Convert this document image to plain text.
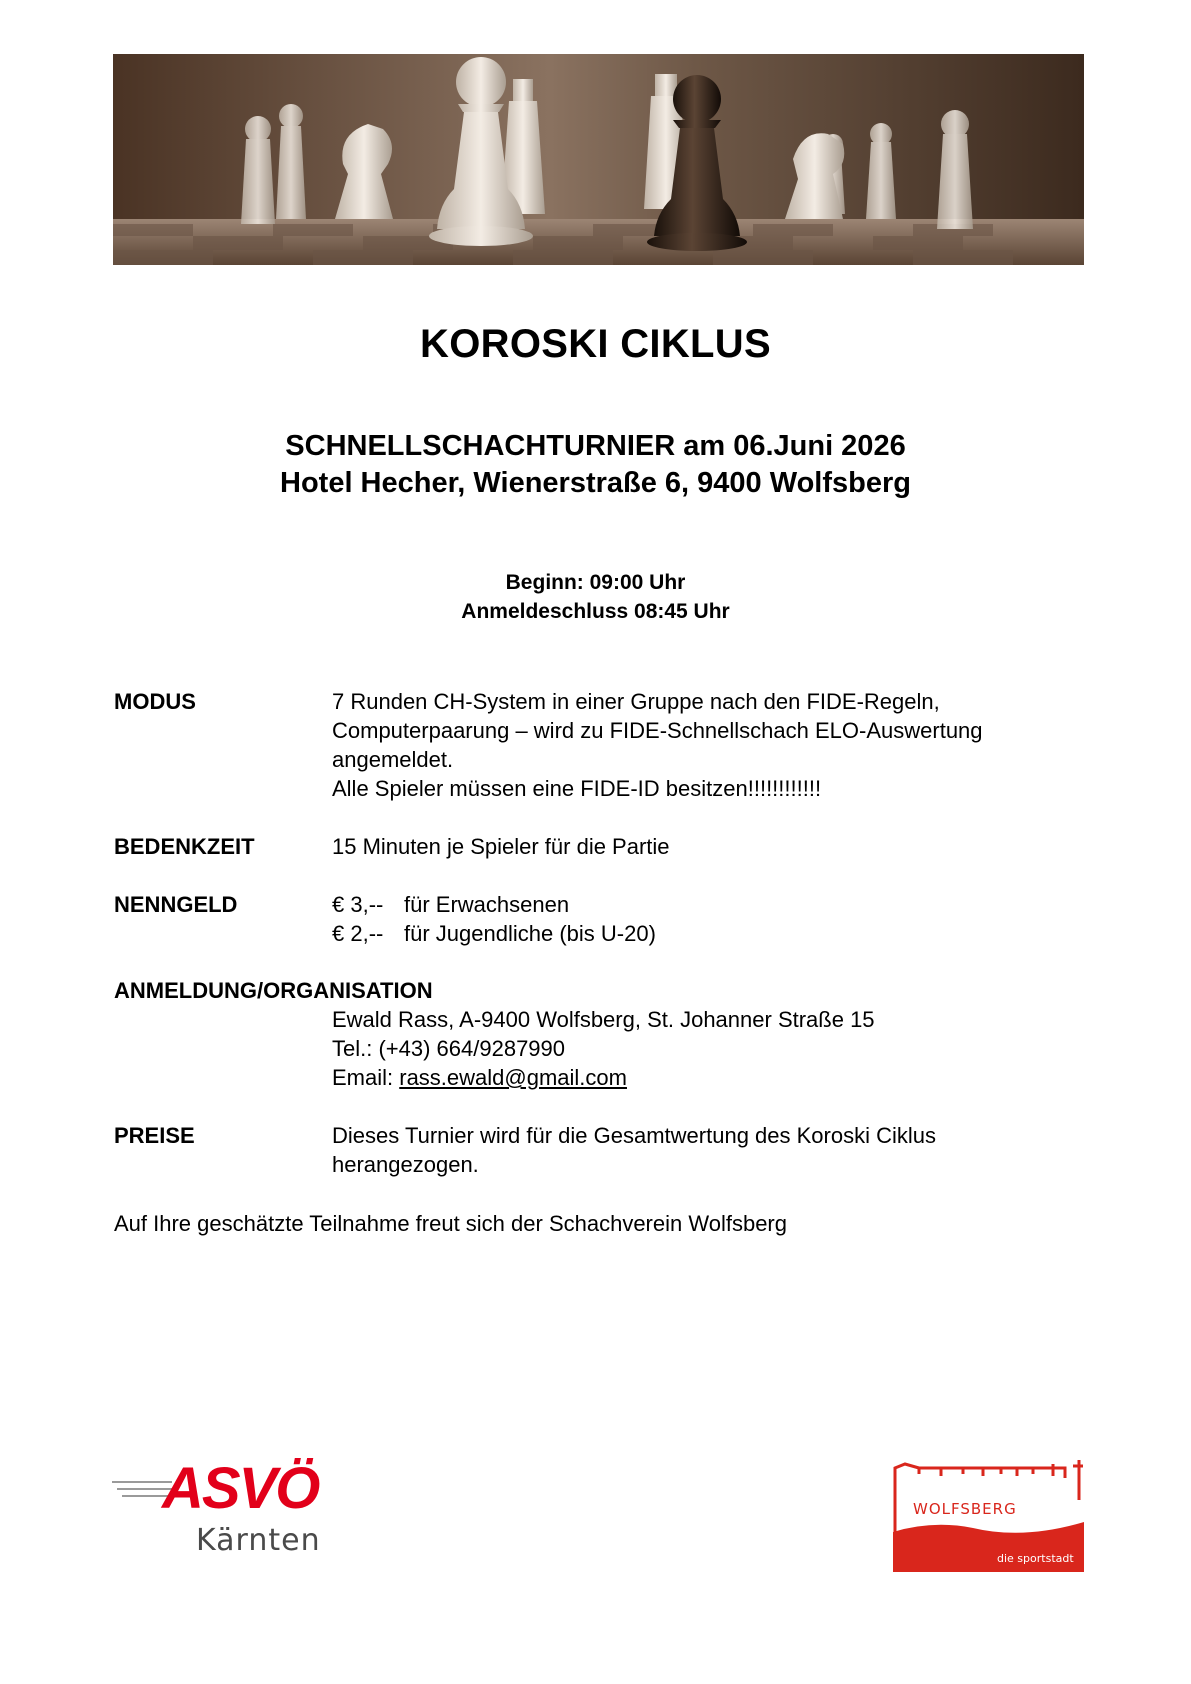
KOROSKI CIKLUS
SCHNELLSCHACHTURNIER am 06.Juni 2026
Hotel Hecher, Wienerstraße 6, 9400 Wolfsberg
Beginn: 09:00 Uhr
Anmeldeschluss 08:45 Uhr
MODUS	7 Runden CH-System in einer Gruppe nach den FIDE-Regeln,
Computerpaarung – wird zu FIDE-Schnellschach ELO-Auswertung
angemeldet.
Alle Spieler müssen eine FIDE-ID besitzen!!!!!!!!!!!!
BEDENKZEIT	15 Minuten je Spieler für die Partie
NENNGELD	€ 3,-- für Erwachsenen
€ 2,-- für Jugendliche (bis U-20)
ANMELDUNG/ORGANISATION
Ewald Rass, A-9400 Wolfsberg, St. Johanner Straße 15
Tel.: (+43) 664/9287990
Email: rass.ewald@gmail.com
PREISE	Dieses Turnier wird für die Gesamtwertung des Koroski Ciklus
herangezogen.
Auf Ihre geschätzte Teilnahme freut sich der Schachverein Wolfsberg
ASVÖ
Kärnten
WOLFSBERG
die sportstadt
